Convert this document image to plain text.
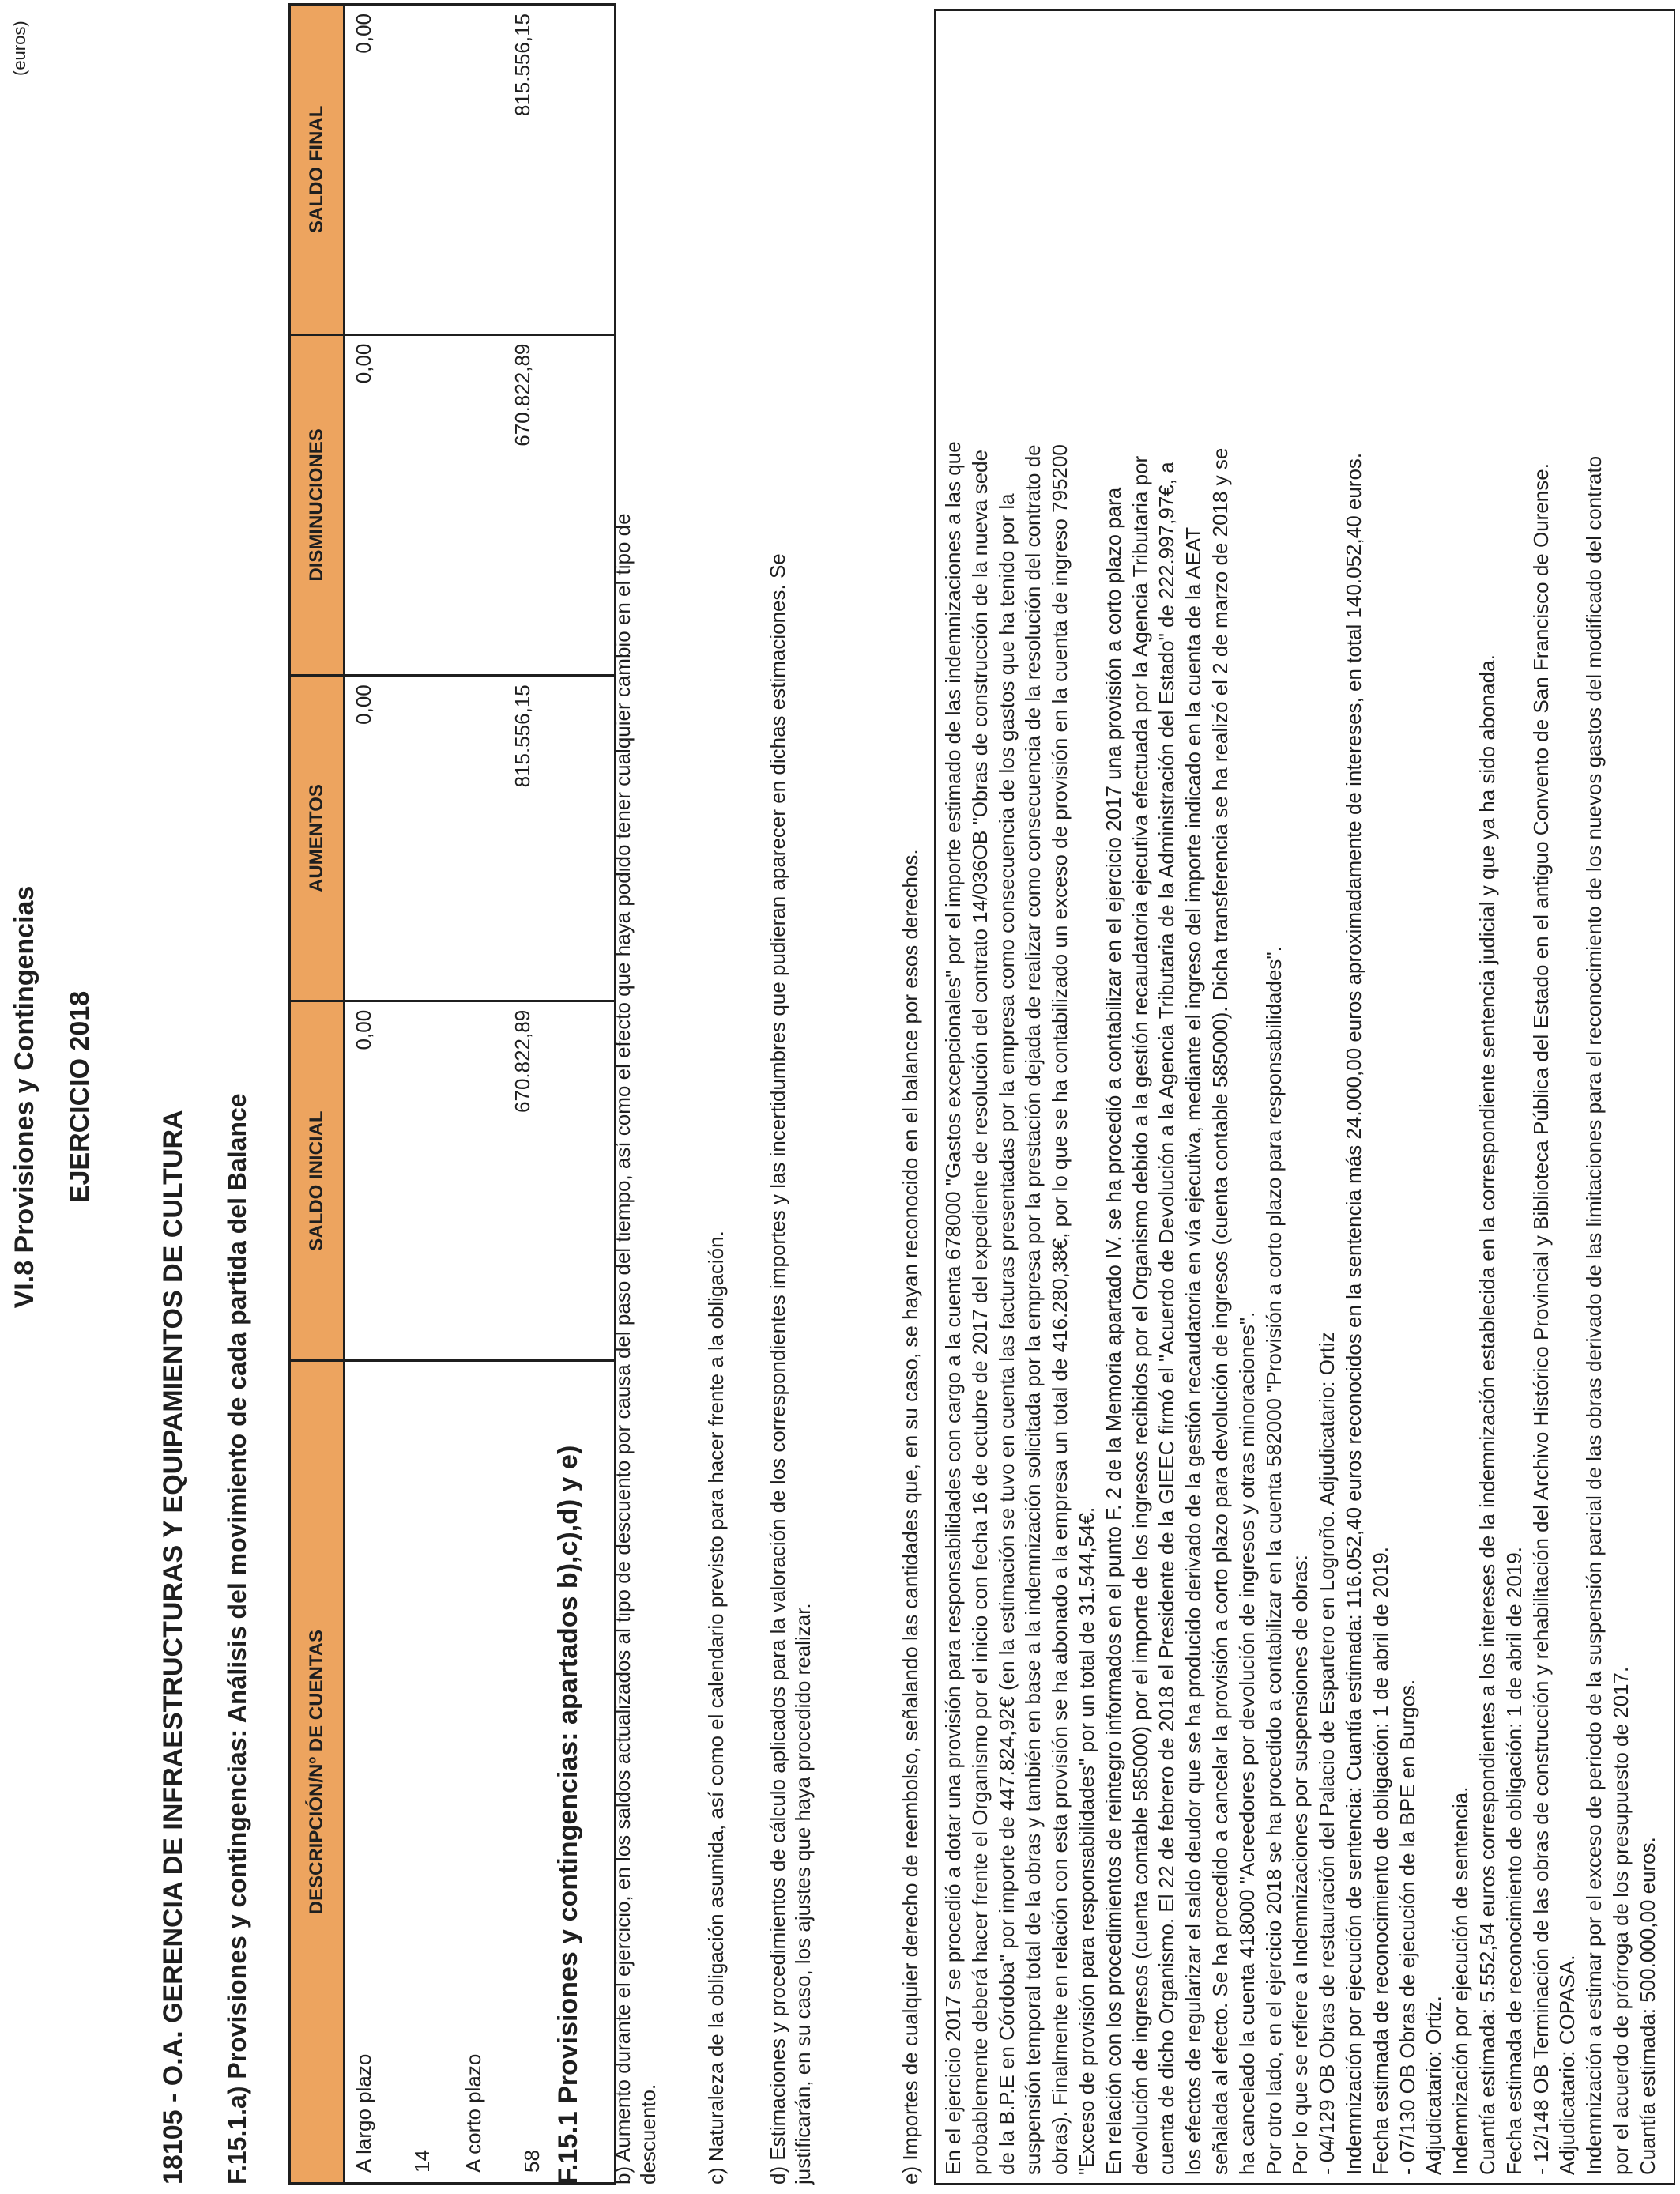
VI.8 Provisiones y Contingencias EJERCICIO 2018
(euros)
18105 - O.A. GERENCIA DE INFRAESTRUCTURAS Y EQUIPAMIENTOS DE CULTURA F.15.1.a) Provisiones y contingencias: Análisis del movimiento de cada partida del Balance	DESCRIPCIÓN/Nº DE CUENTAS	SALDO INICIAL	AUMENTOS	DISMINUCIONES	SALDO FINAL

A largo plazo 14	0,00	0,00	0,00	0,00

A corto plazo 58	670.822,89	815.556,15	670.822,89	815.556,15
F.15.1 Provisiones y contingencias: apartados b),c),d) y e) b) Aumento durante el ejercicio, en los saldos actualizados al tipo de descuento por causa del paso del tiempo, así como el efecto que haya podido tener cualquier cambio en el tipo de descuento. c) Naturaleza de la obligación asumida, así como el calendario previsto para hacer frente a la obligación. d) Estimaciones y procedimientos de cálculo aplicados para la valoración de los correspondientes importes y las incertidumbres que pudieran aparecer en dichas estimaciones. Se justificarán, en su caso, los ajustes que haya procedido realizar.	e) Importes de cualquier derecho de reembolso, señalando las cantidades que, en su caso, se hayan reconocido en el balance por esos derechos. En el ejercicio 2017 se procedió a dotar una provisión para responsabilidades con cargo a la cuenta 678000 "Gastos excepcionales" por el importe estimado de las indemnizaciones a las que probablemente deberá hacer frente el Organismo por el inicio con fecha 16 de octubre de 2017 del expediente de resolución del contrato 14/036OB "Obras de construcción de la nueva sede de la B.P.E en Córdoba" por importe de 447.824,92€ (en la estimación se tuvo en cuenta las facturas presentadas por la empresa como consecuencia de los gastos que ha tenido por la suspensión temporal total de la obras y también en base a la indemnización solicitada por la empresa por la prestación dejada de realizar como consecuencia de la resolución del contrato de obras). Finalmente en relación con esta provisión se ha abonado a la empresa un total de 416.280,38€, por lo que se ha contabilizado un exceso de provisión en la cuenta de ingreso 795200 "Exceso de provisión para responsabilidades" por un total de 31.544,54€. En relación con los procedimientos de reintegro informados en el punto F. 2 de la Memoria apartado IV. se ha procedió a contabilizar en el ejercicio 2017 una provisión a corto plazo para devolución de ingresos (cuenta contable 585000) por el importe de los ingresos recibidos por el Organismo debido a la gestión recaudatoria ejecutiva efectuada por la Agencia Tributaria por cuenta de dicho Organismo. El 22 de febrero de 2018 el Presidente de la GIEEC firmó el "Acuerdo de Devolución a la Agencia Tributaria de la Administración del Estado" de 222.997,97€, a los efectos de regularizar el saldo deudor que se ha producido derivado de la gestión recaudatoria en vía ejecutiva, mediante el ingreso del importe indicado en la cuenta de la AEAT señalada al efecto. Se ha procedido a cancelar la provisión a corto plazo para devolución de ingresos (cuenta contable 585000). Dicha transferencia se ha realizó el 2 de marzo de 2018 y se ha cancelado la cuenta 418000 "Acreedores por devolución de ingresos y otras minoraciones". Por otro lado, en el ejercicio 2018 se ha procedido a contabilizar en la cuenta 582000 "Provisión a corto plazo para responsabilidades". Por lo que se refiere a Indemnizaciones por suspensiones de obras: - 04/129 OB Obras de restauración del Palacio de Espartero en Logroño. Adjudicatario: Ortiz Indemnización por ejecución de sentencia: Cuantía estimada: 116.052,40 euros reconocidos en la sentencia más 24.000,00 euros aproximadamente de intereses, en total 140.052,40 euros. Fecha estimada de reconocimiento de obligación: 1 de abril de 2019. - 07/130 OB Obras de ejecución de la BPE en Burgos. Adjudicatario: Ortiz. Indemnización por ejecución de sentencia. Cuantía estimada: 5.552,54 euros correspondientes a los intereses de la indemnización establecida en la correspondiente sentencia judicial y que ya ha sido abonada. Fecha estimada de reconocimiento de obligación: 1 de abril de 2019. - 12/148 OB Terminación de las obras de construcción y rehabilitación del Archivo Histórico Provincial y Biblioteca Pública del Estado en el antiguo Convento de San Francisco de Ourense. Adjudicatario: COPASA. Indemnización a estimar por el exceso de periodo de la suspensión parcial de las obras derivado de las limitaciones para el reconocimiento de los nuevos gastos del modificado del contrato por el acuerdo de prórroga de los presupuesto de 2017. Cuantía estimada: 500.000,00 euros.
